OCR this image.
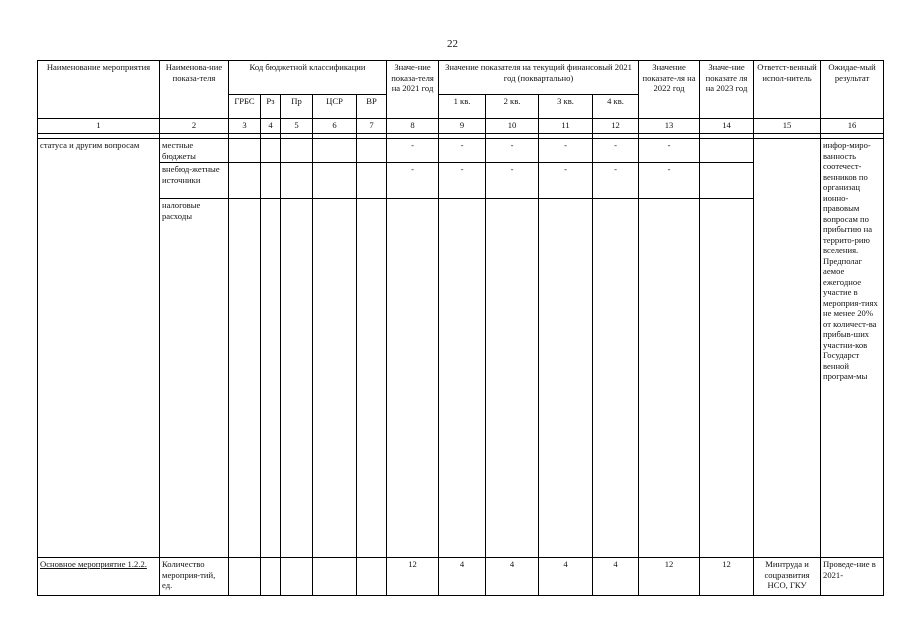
22
Наименование мероприятия	Наименова-ние показа-теля	Код бюджетной классификации					Значе-ние показа-теля на 2021 год	Значение показателя на текущий финансовый 2021 год (поквартально)				Значение показате-ля на 2022 год	Значе-ние показате ля на 2023 год	Ответст-венный испол-нитель	Ожидае-мый результат
		ГРБС	Рз	Пр	ЦСР	ВР		1 кв.	2 кв.	3 кв.	4 кв.				
1	2	3	4	5	6	7	8	9	10	11	12	13	14	15	16

статуса и другим вопросам	местные бюджеты						-	-	-	-	-	-			инфор-миро-ванность соотечест-венников по организац ионно-правовым вопросам по прибытию на террито-рию вселения. Предполаг аемое ежегодное участие в мероприя-тиях не менее 20% от количест-ва прибыв-ших участни-ков Государст венной програм-мы
	внебюд-жетные источники						-	-	-	-	-	-			
	налоговые расходы														
Основное мероприятие 1.2.2.	Количество мероприя-тий, ед.						12	4	4	4	4	12	12	Минтруда и соцразвития НСО, ГКУ	Проведе-ние в 2021-
